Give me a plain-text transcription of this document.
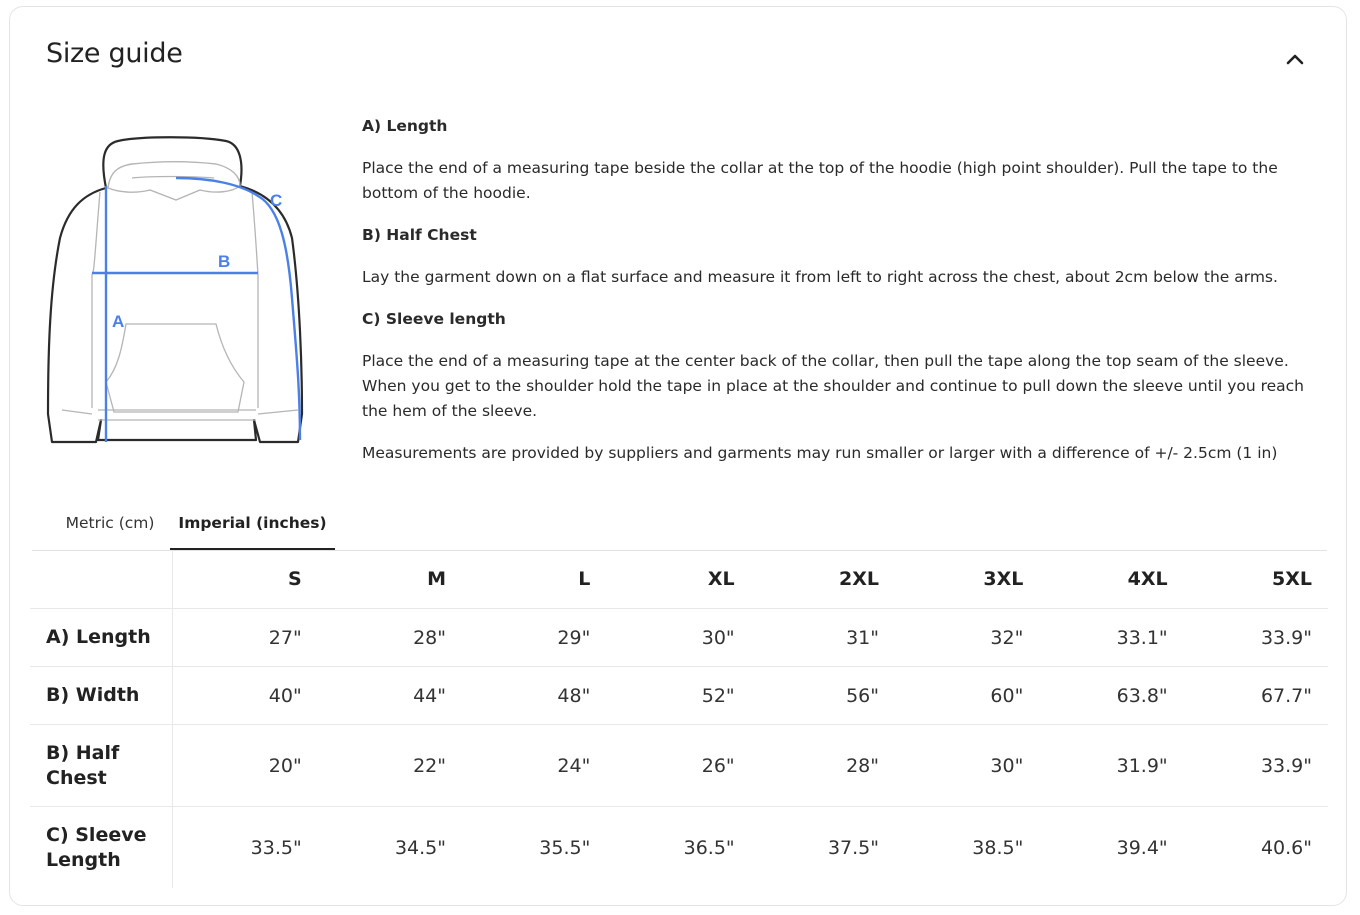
Size guide
A
B
C
A) Length
Place the end of a measuring tape beside the collar at the top of the hoodie (high point shoulder). Pull the tape to the bottom of the hoodie.
B) Half Chest
Lay the garment down on a flat surface and measure it from left to right across the chest, about 2cm below the arms.
C) Sleeve length
Place the end of a measuring tape at the center back of the collar, then pull the tape along the top seam of the sleeve. When you get to the shoulder hold the tape in place at the shoulder and continue to pull down the sleeve until you reach the hem of the sleeve.
Measurements are provided by suppliers and garments may run smaller or larger with a difference of +/- 2.5cm (1 in)
Metric (cm)	Imperial (inches)
	S	M	L	XL	2XL	3XL	4XL	5XL
A) Length	27"	28"	29"	30"	31"	32"	33.1"	33.9"
B) Width	40"	44"	48"	52"	56"	60"	63.8"	67.7"
B) Half Chest	20"	22"	24"	26"	28"	30"	31.9"	33.9"
C) Sleeve Length	33.5"	34.5"	35.5"	36.5"	37.5"	38.5"	39.4"	40.6"
